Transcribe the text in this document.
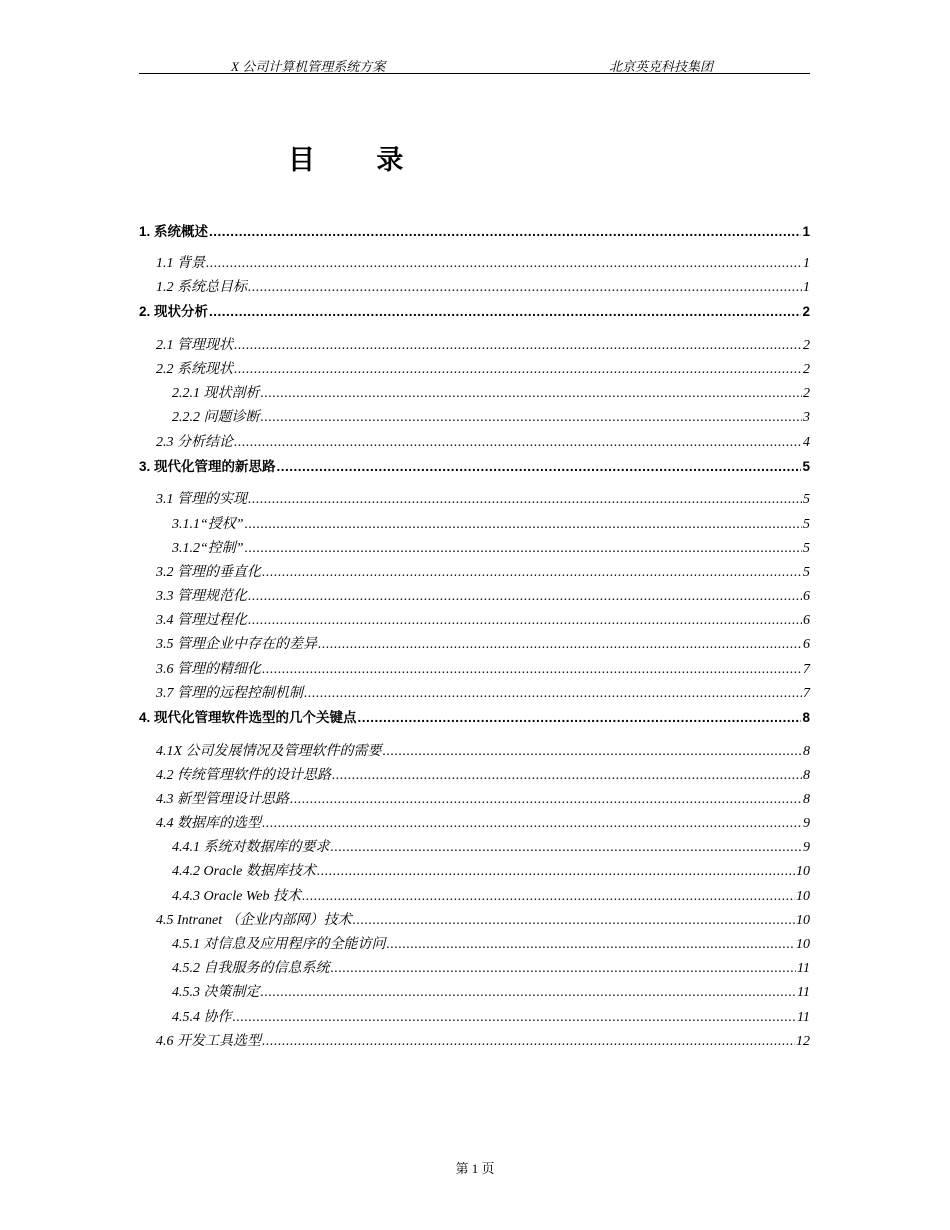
X 公司计算机管理系统方案	北京英克科技集团
目 录
1. 系统概述 .....	1
1.1 背景 .....	1
1.2 系统总目标 .....	1
2. 现状分析 .....	2
2.1 管理现状 .....	2
2.2 系统现状 .....	2
2.2.1 现状剖析 .....	2
2.2.2 问题诊断 .....	3
2.3 分析结论 .....	4
3. 现代化管理的新思路 .....	5
3.1 管理的实现 .....	5
3.1.1“授权” .....	5
3.1.2“控制” .....	5
3.2 管理的垂直化 .....	5
3.3 管理规范化 .....	6
3.4 管理过程化 .....	6
3.5 管理企业中存在的差异 .....	6
3.6 管理的精细化 .....	7
3.7 管理的远程控制机制 .....	7
4. 现代化管理软件选型的几个关键点 .....	8
4.1X 公司发展情况及管理软件的需要 .....	8
4.2 传统管理软件的设计思路 .....	8
4.3 新型管理设计思路 .....	8
4.4 数据库的选型 .....	9
4.4.1 系统对数据库的要求 .....	9
4.4.2 Oracle 数据库技术 .....	10
4.4.3 Oracle Web 技术 .....	10
4.5 Intranet （企业内部网）技术 .....	10
4.5.1 对信息及应用程序的全能访问 .....	10
4.5.2 自我服务的信息系统 .....	11
4.5.3 决策制定 .....	11
4.5.4 协作 .....	11
4.6 开发工具选型 .....	12
第 1 页
